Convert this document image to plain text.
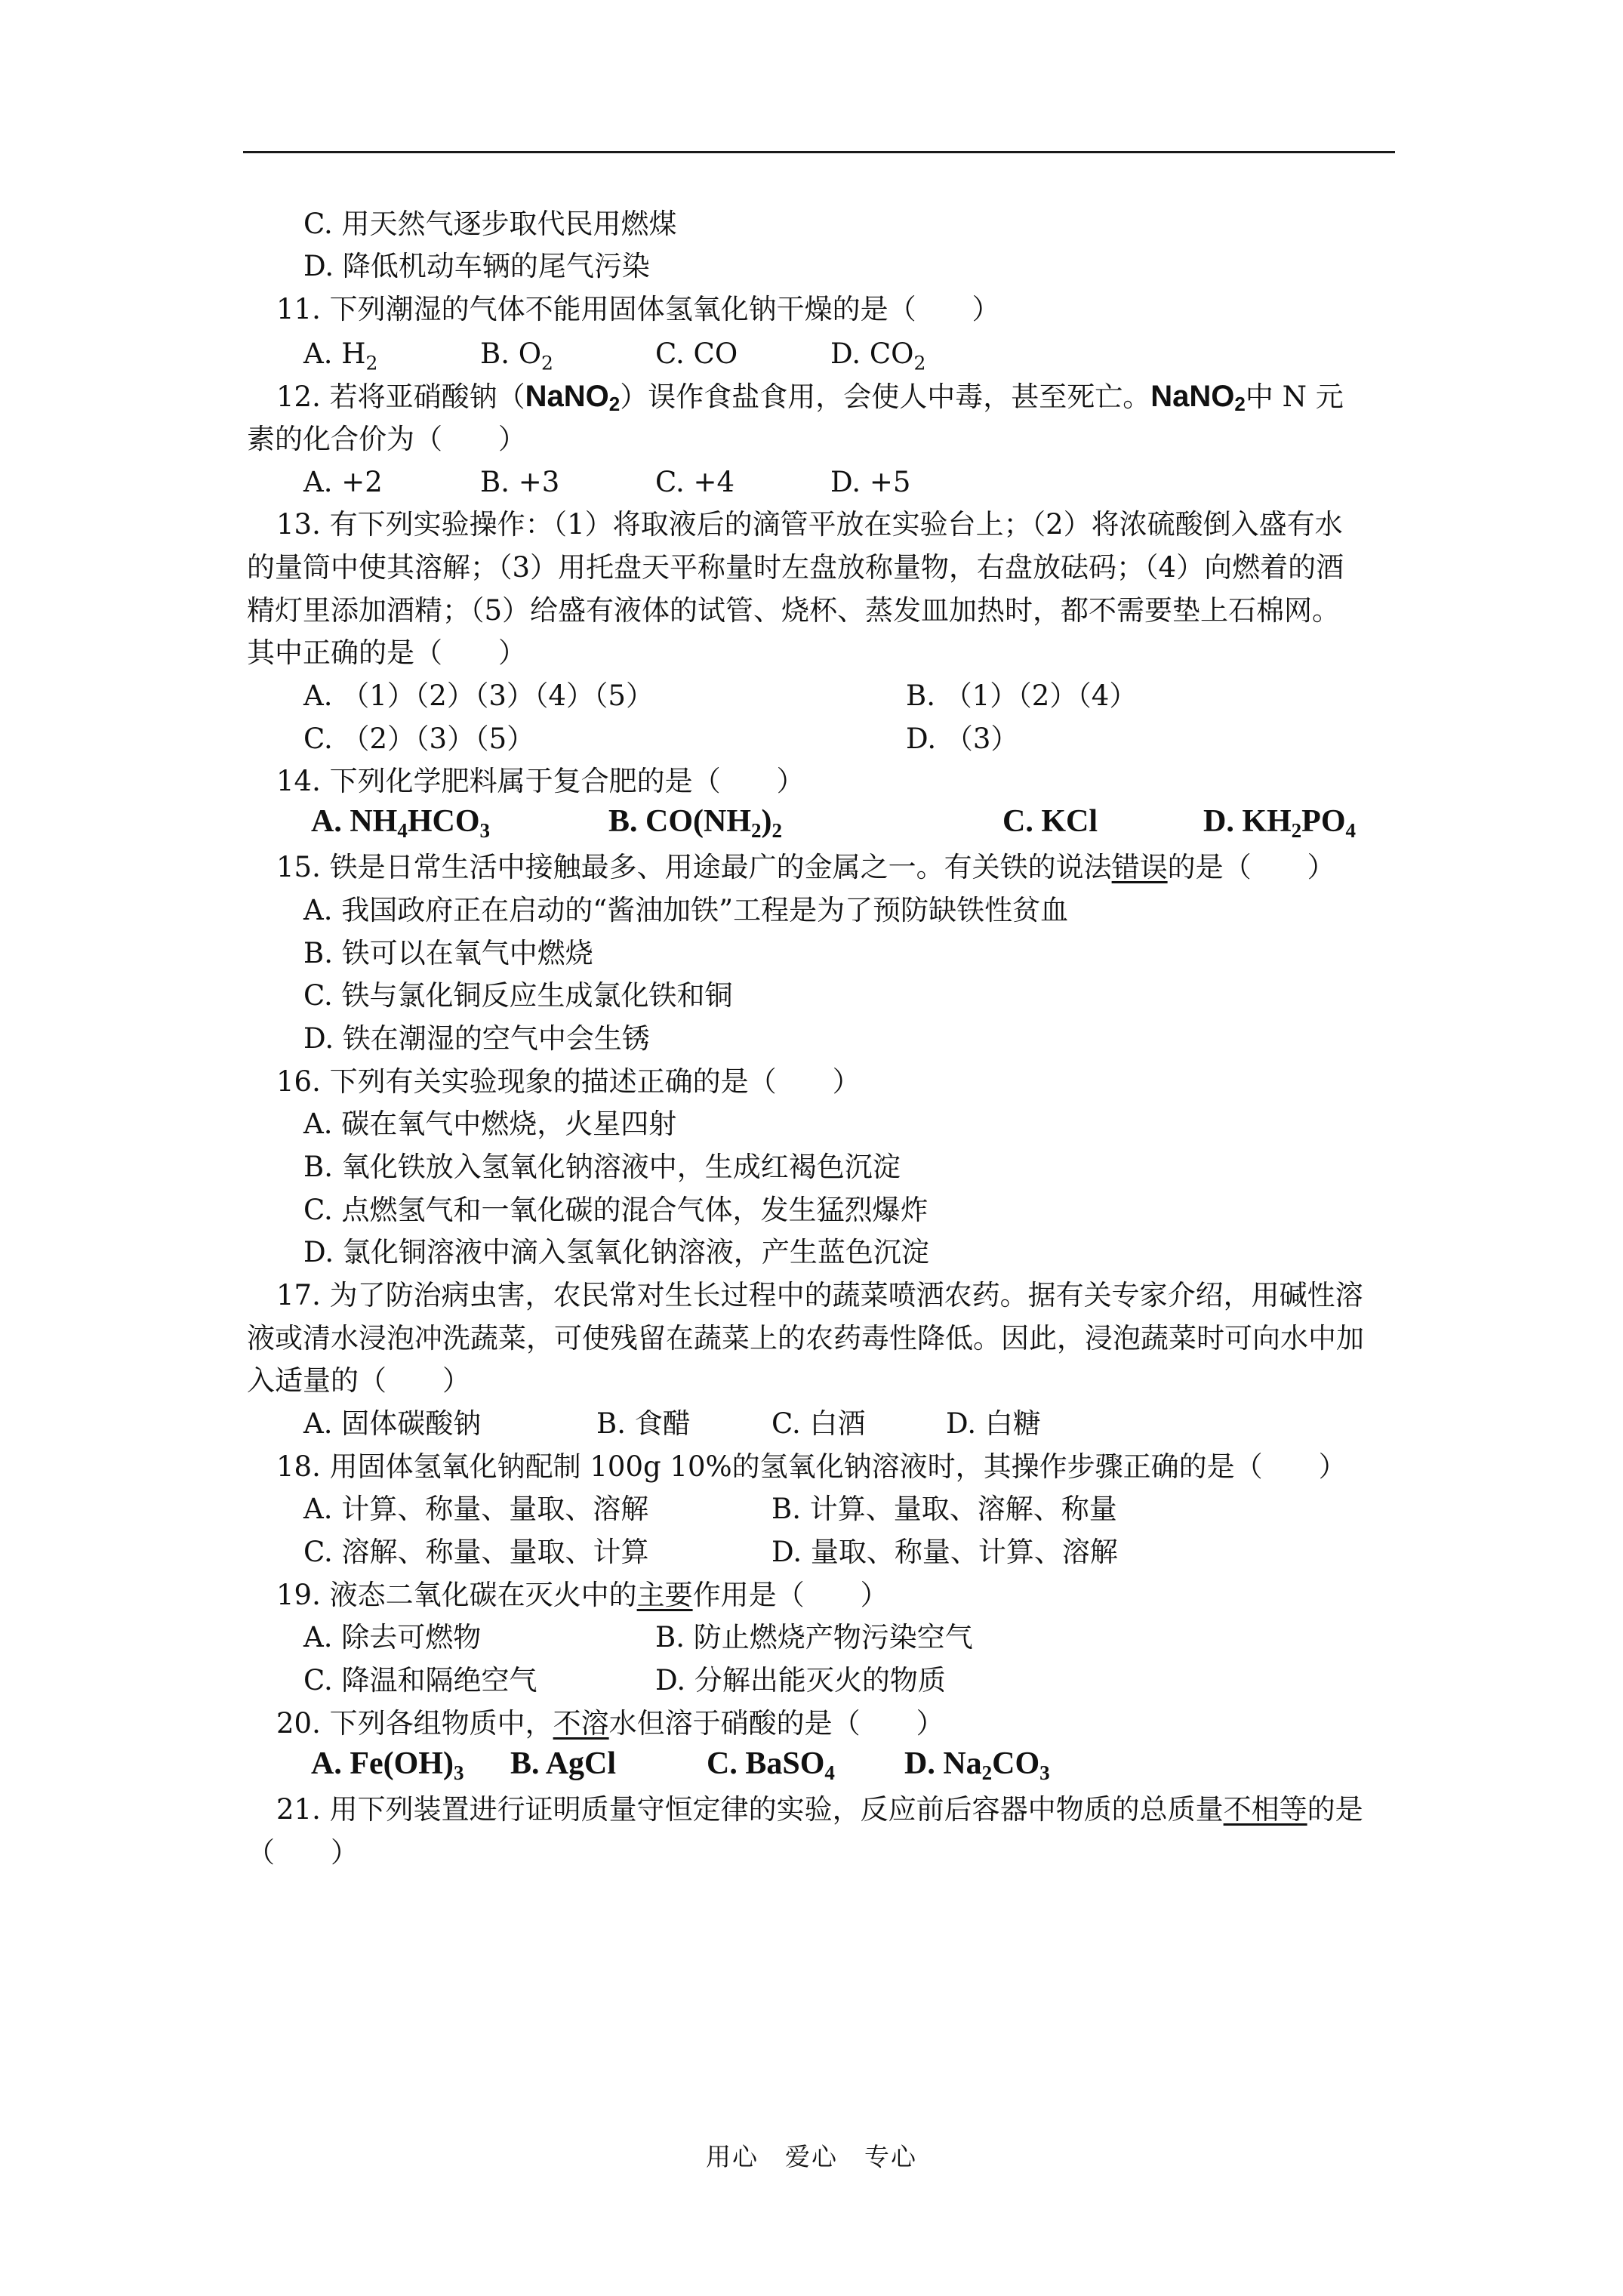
C. 用天然气逐步取代民用燃煤
D. 降低机动车辆的尾气污染
11. 下列潮湿的气体不能用固体氢氧化钠干燥的是（　　）
A. $H_2$	B. $O_2$	C. CO	D. $CO_2$
12. 若将亚硝酸钠（NaNO$_2$）误作食盐食用，会使人中毒，甚至死亡。NaNO$_2$中 N 元
素的化合价为（　　）
A. +2	B. +3	C. +4	D. +5
13. 有下列实验操作：（1）将取液后的滴管平放在实验台上；（2）将浓硫酸倒入盛有水
的量筒中使其溶解；（3）用托盘天平称量时左盘放称量物，右盘放砝码；（4）向燃着的酒
精灯里添加酒精；（5）给盛有液体的试管、烧杯、蒸发皿加热时，都不需要垫上石棉网。
其中正确的是（　　）
A. （1）（2）（3）（4）（5）	B. （1）（2）（4）
C. （2）（3）（5）	D. （3）
14. 下列化学肥料属于复合肥的是（　　）
A. $NH_4HCO_3$	B. $CO(NH_2)_2$	C. KCl	D. $KH_2PO_4$
15. 铁是日常生活中接触最多、用途最广的金属之一。有关铁的说法错误的是（　　）
A. 我国政府正在启动的“酱油加铁”工程是为了预防缺铁性贫血
B. 铁可以在氧气中燃烧
C. 铁与氯化铜反应生成氯化铁和铜
D. 铁在潮湿的空气中会生锈
16. 下列有关实验现象的描述正确的是（　　）
A. 碳在氧气中燃烧，火星四射
B. 氧化铁放入氢氧化钠溶液中，生成红褐色沉淀
C. 点燃氢气和一氧化碳的混合气体，发生猛烈爆炸
D. 氯化铜溶液中滴入氢氧化钠溶液，产生蓝色沉淀
17. 为了防治病虫害，农民常对生长过程中的蔬菜喷洒农药。据有关专家介绍，用碱性溶
液或清水浸泡冲洗蔬菜，可使残留在蔬菜上的农药毒性降低。因此，浸泡蔬菜时可向水中加
入适量的（　　）
A. 固体碳酸钠	B. 食醋	C. 白酒	D. 白糖
18. 用固体氢氧化钠配制 100g 10%的氢氧化钠溶液时，其操作步骤正确的是（　　）
A. 计算、称量、量取、溶解	B. 计算、量取、溶解、称量
C. 溶解、称量、量取、计算	D. 量取、称量、计算、溶解
19. 液态二氧化碳在灭火中的主要作用是（　　）
A. 除去可燃物	B. 防止燃烧产物污染空气
C. 降温和隔绝空气	D. 分解出能灭火的物质
20. 下列各组物质中，不溶水但溶于硝酸的是（　　）
A. $Fe(OH)_3$ B. AgCl	C. BaSO$_4$ D. $Na_2CO_3$
21. 用下列装置进行证明质量守恒定律的实验，反应前后容器中物质的总质量不相等的是
（　　）
用心　爱心　专心
